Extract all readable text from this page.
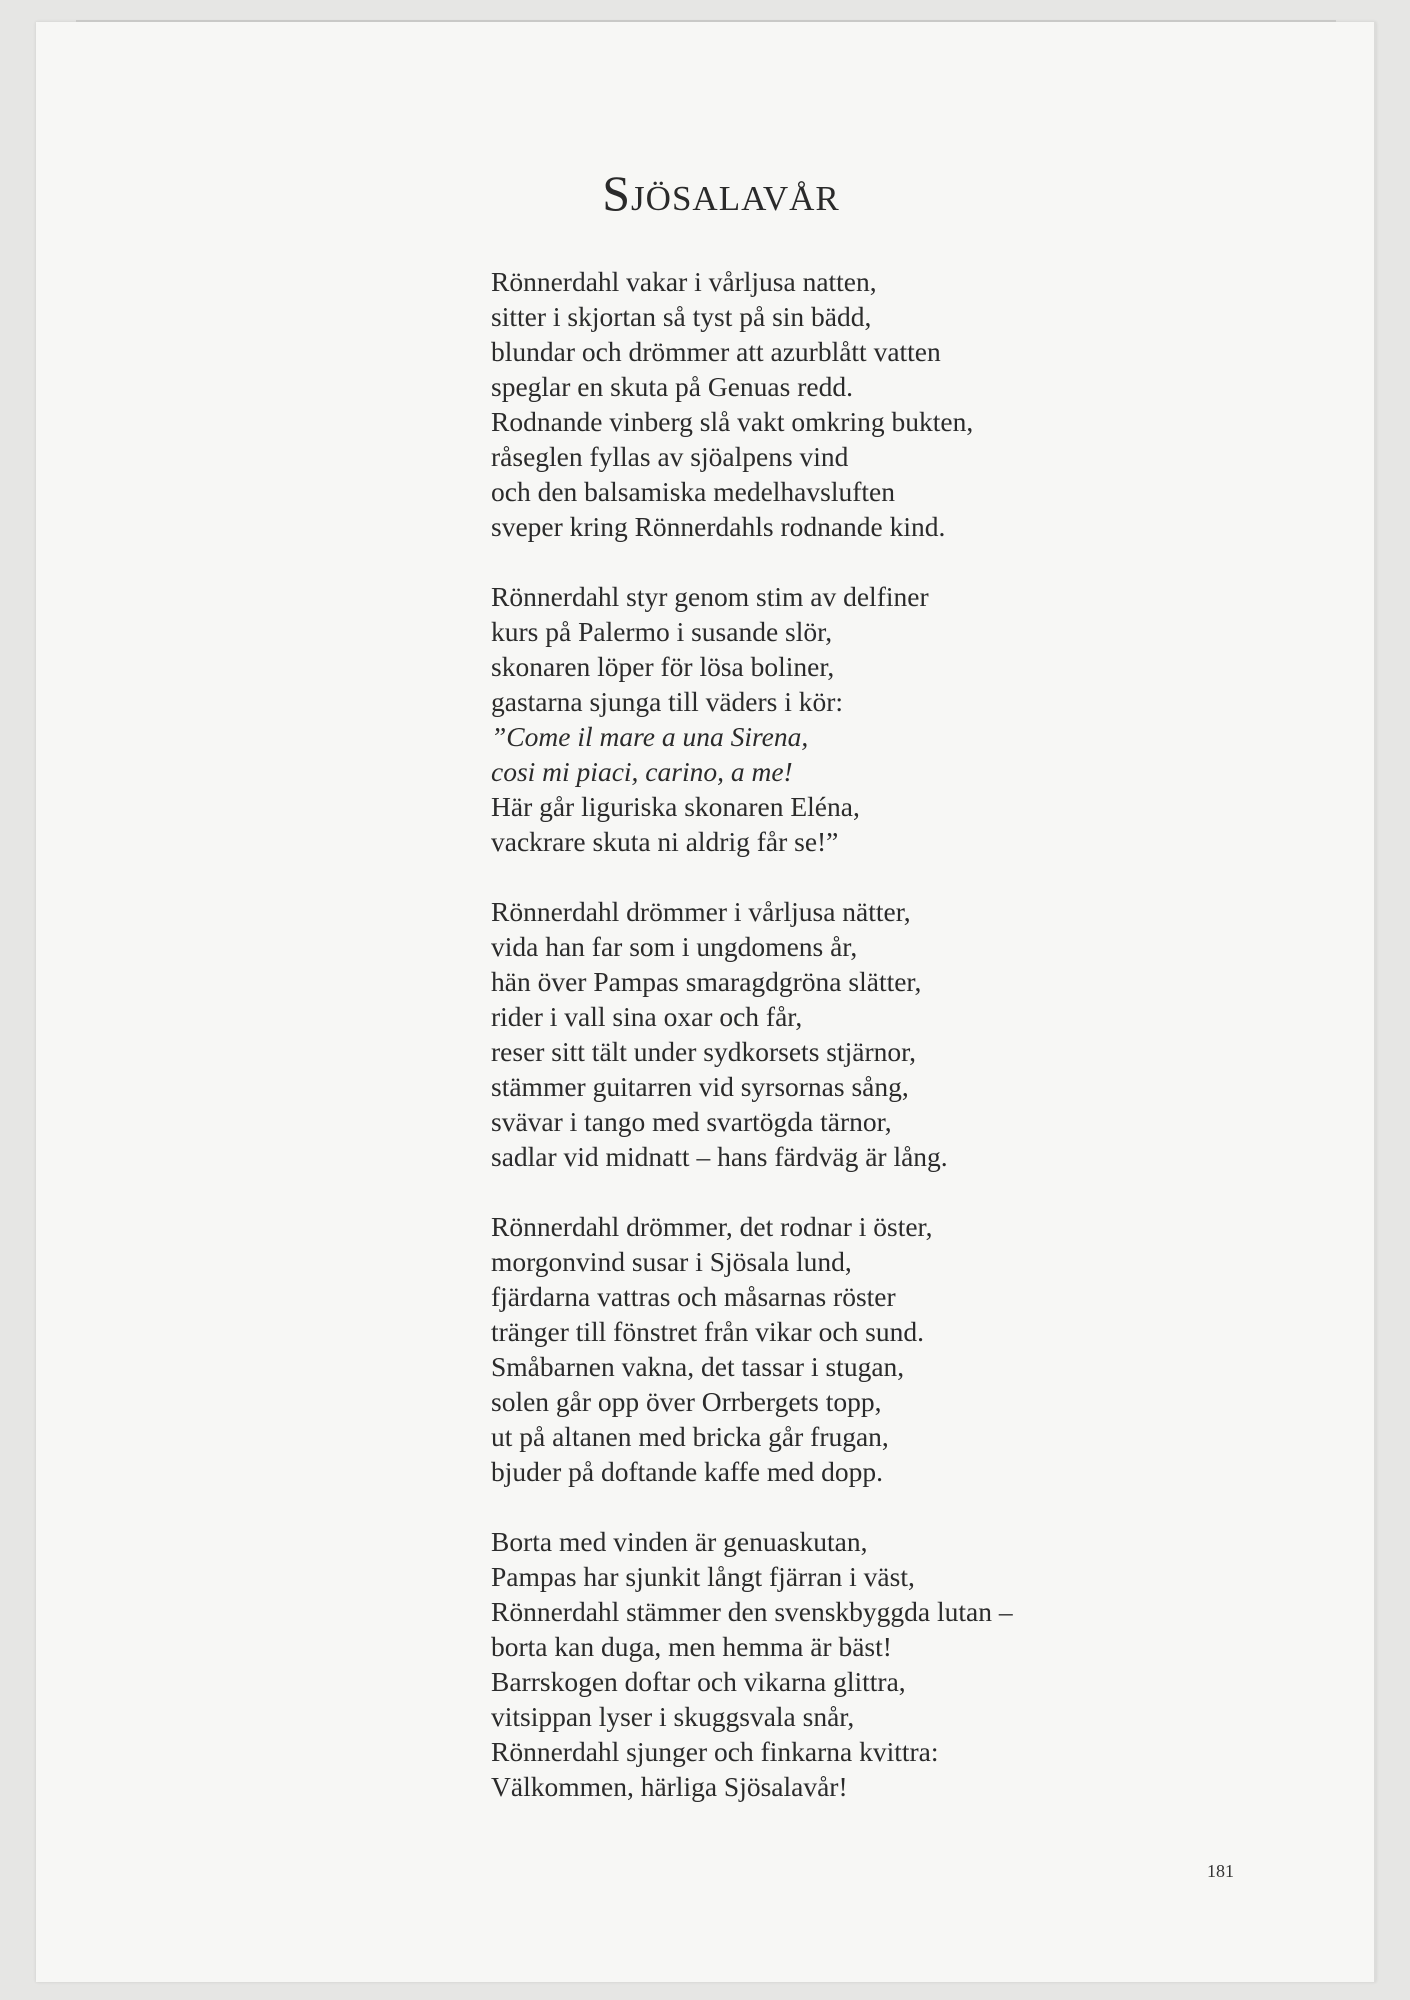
Sjösalavår
Rönnerdahl vakar i vårljusa natten,
sitter i skjortan så tyst på sin bädd,
blundar och drömmer att azurblått vatten
speglar en skuta på Genuas redd.
Rodnande vinberg slå vakt omkring bukten,
råseglen fyllas av sjöalpens vind
och den balsamiska medelhavsluften
sveper kring Rönnerdahls rodnande kind.
Rönnerdahl styr genom stim av delfiner
kurs på Palermo i susande slör,
skonaren löper för lösa boliner,
gastarna sjunga till väders i kör:
”Come il mare a una Sirena,
cosi mi piaci, carino, a me!
Här går liguriska skonaren Eléna,
vackrare skuta ni aldrig får se!”
Rönnerdahl drömmer i vårljusa nätter,
vida han far som i ungdomens år,
hän över Pampas smaragdgröna slätter,
rider i vall sina oxar och får,
reser sitt tält under sydkorsets stjärnor,
stämmer guitarren vid syrsornas sång,
svävar i tango med svartögda tärnor,
sadlar vid midnatt – hans färdväg är lång.
Rönnerdahl drömmer, det rodnar i öster,
morgonvind susar i Sjösala lund,
fjärdarna vattras och måsarnas röster
tränger till fönstret från vikar och sund.
Småbarnen vakna, det tassar i stugan,
solen går opp över Orrbergets topp,
ut på altanen med bricka går frugan,
bjuder på doftande kaffe med dopp.
Borta med vinden är genuaskutan,
Pampas har sjunkit långt fjärran i väst,
Rönnerdahl stämmer den svenskbyggda lutan –
borta kan duga, men hemma är bäst!
Barrskogen doftar och vikarna glittra,
vitsippan lyser i skuggsvala snår,
Rönnerdahl sjunger och finkarna kvittra:
Välkommen, härliga Sjösalavår!
181
